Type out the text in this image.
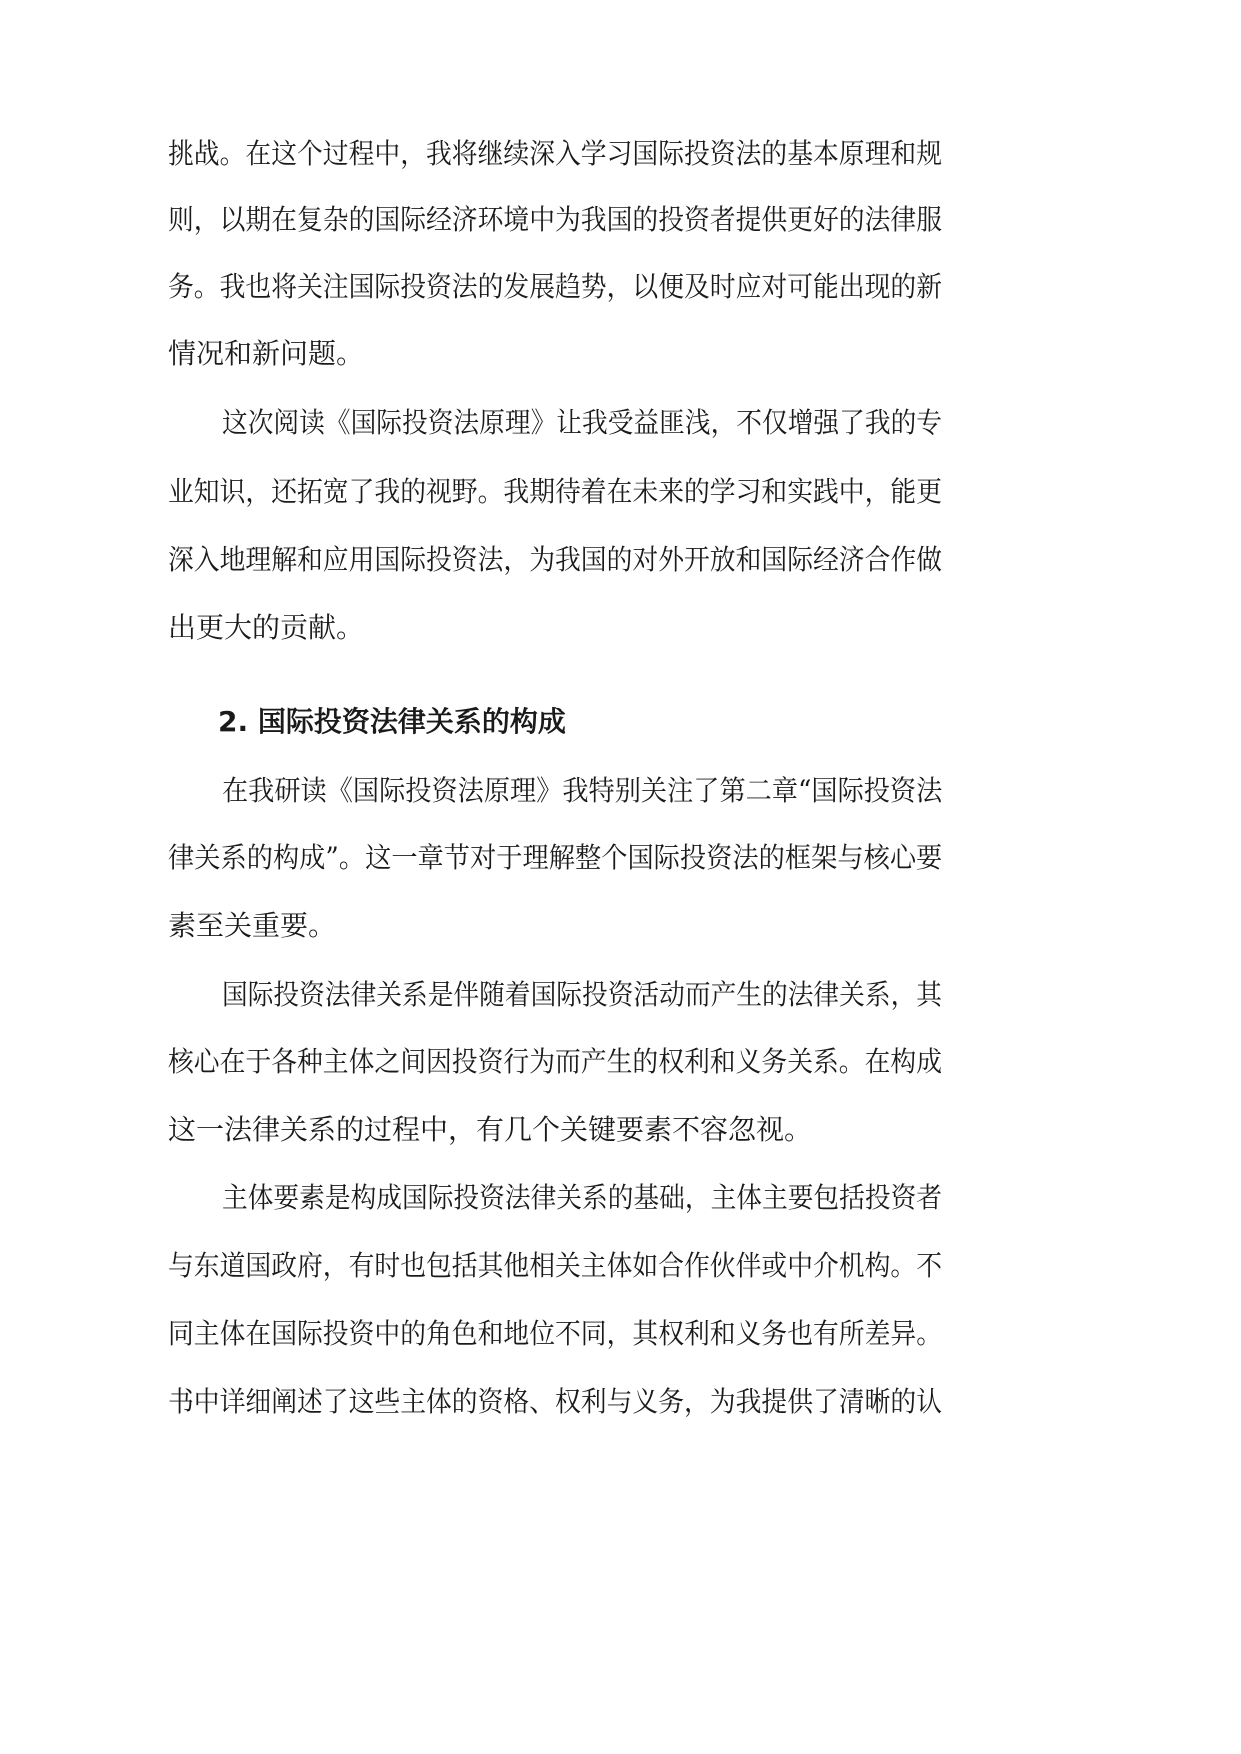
挑战。在这个过程中，我将继续深入学习国际投资法的基本原理和规
则，以期在复杂的国际经济环境中为我国的投资者提供更好的法律服
务。我也将关注国际投资法的发展趋势，以便及时应对可能出现的新
情况和新问题。
这次阅读《国际投资法原理》让我受益匪浅，不仅增强了我的专
业知识，还拓宽了我的视野。我期待着在未来的学习和实践中，能更
深入地理解和应用国际投资法，为我国的对外开放和国际经济合作做
出更大的贡献。
2. 国际投资法律关系的构成
在我研读《国际投资法原理》我特别关注了第二章“国际投资法
律关系的构成”。这一章节对于理解整个国际投资法的框架与核心要
素至关重要。
国际投资法律关系是伴随着国际投资活动而产生的法律关系，其
核心在于各种主体之间因投资行为而产生的权利和义务关系。在构成
这一法律关系的过程中，有几个关键要素不容忽视。
主体要素是构成国际投资法律关系的基础，主体主要包括投资者
与东道国政府，有时也包括其他相关主体如合作伙伴或中介机构。不
同主体在国际投资中的角色和地位不同，其权利和义务也有所差异。
书中详细阐述了这些主体的资格、权利与义务，为我提供了清晰的认
